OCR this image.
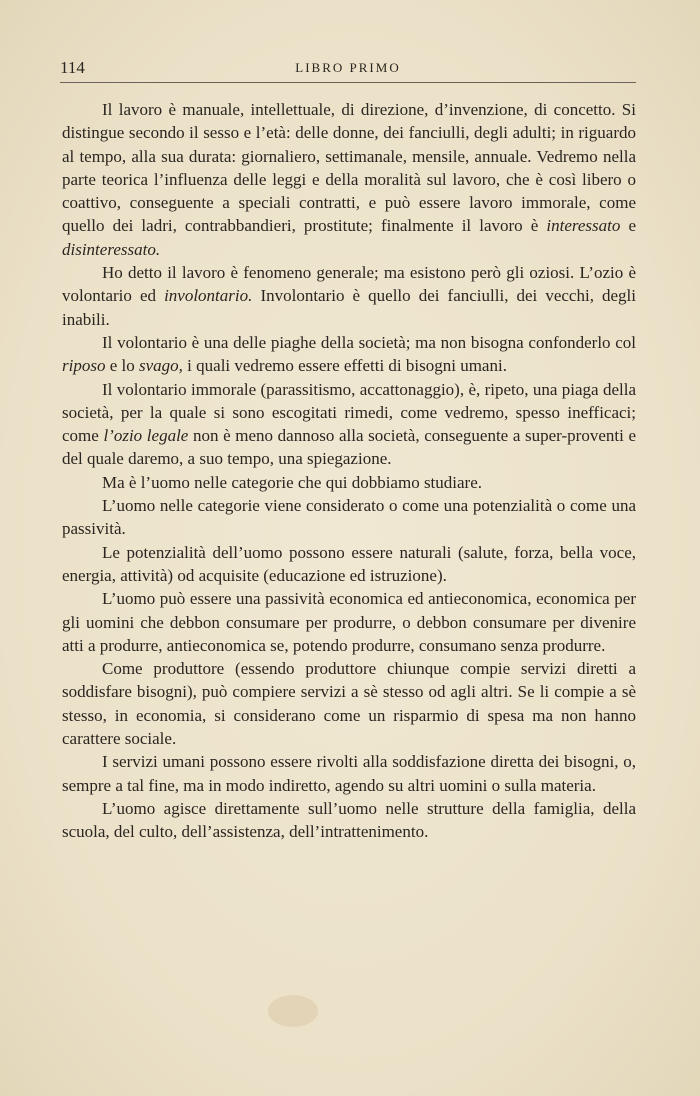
114	LIBRO PRIMO

Il lavoro è manuale, intellettuale, di direzione, d’invenzione, di concetto. Si distingue secondo il sesso e l’età: delle donne, dei fanciulli, degli adulti; in riguardo al tempo, alla sua durata: giornaliero, settimanale, mensile, annuale. Vedremo nella parte teorica l’influenza delle leggi e della moralità sul lavoro, che è così libero o coattivo, conseguente a speciali contratti, e può essere lavoro immorale, come quello dei ladri, contrabbandieri, prostitute; finalmente il lavoro è interessato e disinteressato.

Ho detto il lavoro è fenomeno generale; ma esistono però gli oziosi. L’ozio è volontario ed involontario. Involontario è quello dei fanciulli, dei vecchi, degli inabili.

Il volontario è una delle piaghe della società; ma non bisogna confonderlo col riposo e lo svago, i quali vedremo essere effetti di bisogni umani.

Il volontario immorale (parassitismo, accattonaggio), è, ripeto, una piaga della società, per la quale si sono escogitati rimedi, come vedremo, spesso inefficaci; come l’ozio legale non è meno dannoso alla società, conseguente a super-proventi e del quale daremo, a suo tempo, una spiegazione.

Ma è l’uomo nelle categorie che qui dobbiamo studiare.

L’uomo nelle categorie viene considerato o come una potenzialità o come una passività.

Le potenzialità dell’uomo possono essere naturali (salute, forza, bella voce, energia, attività) od acquisite (educazione ed istruzione).

L’uomo può essere una passività economica ed antieconomica, economica per gli uomini che debbon consumare per produrre, o debbon consumare per divenire atti a produrre, antieconomica se, potendo produrre, consumano senza produrre.

Come produttore (essendo produttore chiunque compie servizi diretti a soddisfare bisogni), può compiere servizi a sè stesso od agli altri. Se li compie a sè stesso, in economia, si considerano come un risparmio di spesa ma non hanno carattere sociale.

I servizi umani possono essere rivolti alla soddisfazione diretta dei bisogni, o, sempre a tal fine, ma in modo indiretto, agendo su altri uomini o sulla materia.

L’uomo agisce direttamente sull’uomo nelle strutture della famiglia, della scuola, del culto, dell’assistenza, dell’intrattenimento.
